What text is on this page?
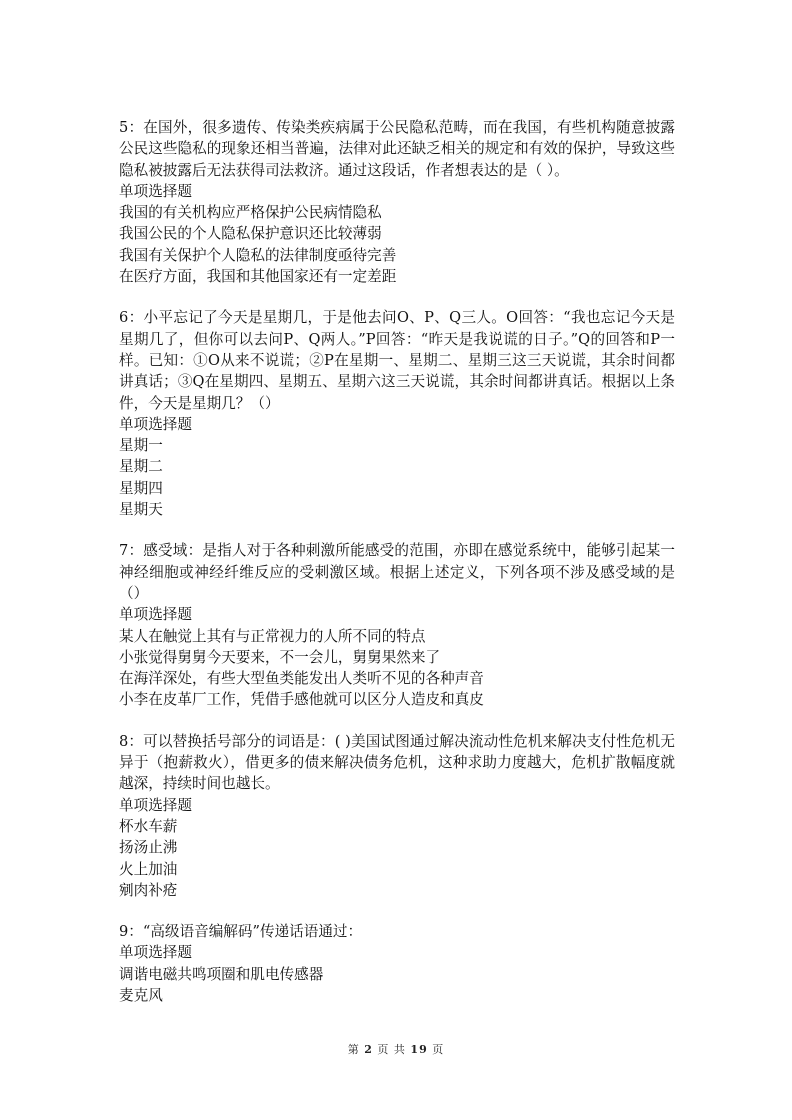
5：在国外，很多遗传、传染类疾病属于公民隐私范畴，而在我国，有些机构随意披露公民这些隐私的现象还相当普遍，法律对此还缺乏相关的规定和有效的保护，导致这些隐私被披露后无法获得司法救济。通过这段话，作者想表达的是（ ）。

单项选择题

我国的有关机构应严格保护公民病情隐私

我国公民的个人隐私保护意识还比较薄弱

我国有关保护个人隐私的法律制度亟待完善

在医疗方面，我国和其他国家还有一定差距

6：小平忘记了今天是星期几，于是他去问O、P、Q三人。O回答：“我也忘记今天是星期几了，但你可以去问P、Q两人。”P回答：“昨天是我说谎的日子。”Q的回答和P一样。已知：①O从来不说谎；②P在星期一、星期二、星期三这三天说谎，其余时间都讲真话；③Q在星期四、星期五、星期六这三天说谎，其余时间都讲真话。根据以上条件，今天是星期几？（）

单项选择题

星期一

星期二

星期四

星期天

7：感受域：是指人对于各种刺激所能感受的范围，亦即在感觉系统中，能够引起某一神经细胞或神经纤维反应的受刺激区域。根据上述定义，下列各项不涉及感受域的是（）

单项选择题

某人在触觉上其有与正常视力的人所不同的特点

小张觉得舅舅今天要来，不一会儿，舅舅果然来了

在海洋深处，有些大型鱼类能发出人类听不见的各种声音

小李在皮革厂工作，凭借手感他就可以区分人造皮和真皮

8：可以替换括号部分的词语是：( )美国试图通过解决流动性危机来解决支付性危机无异于（抱薪救火），借更多的债来解决债务危机，这种求助力度越大，危机扩散幅度就越深，持续时间也越长。

单项选择题

杯水车薪

扬汤止沸

火上加油

剜肉补疮

9：“高级语音编解码”传递话语通过：

单项选择题

调谐电磁共鸣项圈和肌电传感器

麦克风

第 2 页 共 19 页
